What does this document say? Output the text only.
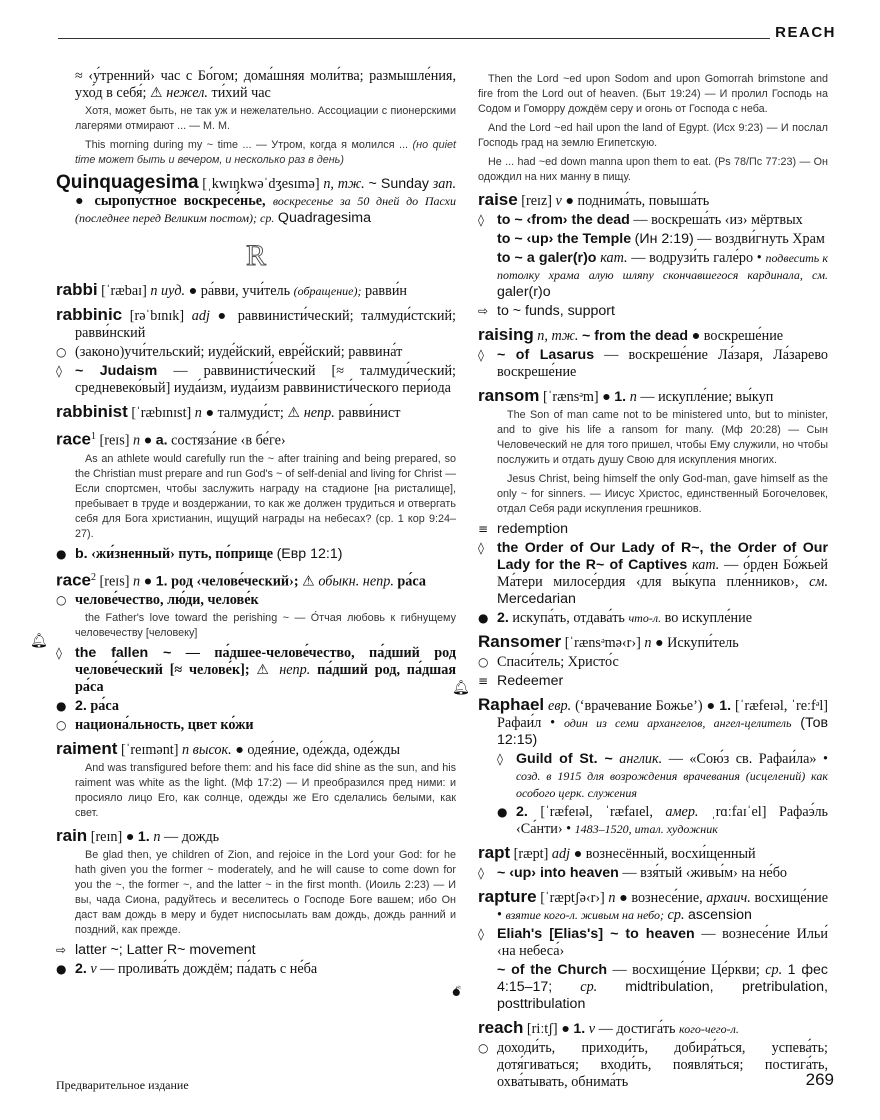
REACH

≈ ‹у́тренний› час с Бо́гом; дома́шняя моли́тва; размышле́ния, ухо́д в себя́; ⚠ нежел. ти́хий час

Хотя, может быть, не так уж и нежелательно. Ассоциации с пионерскими лагерями отмирают ... — М. М.
This morning during my ~ time ... — Утром, когда я молился ... (но quiet time может быть и вечером, и несколько раз в день)

Quinquagesima [ˌkwɪŋkwəˈdʒesɪmə] n, тж. ~ Sunday зап. ● сыропу́стное воскресе́нье, воскресенье за 50 дней до Пасхи (последнее перед Великим постом); ср. Quadragesima

R

rabbi [ˈræbaɪ] n иуд. ● ра́вви, учи́тель (обращение); равви́н

rabbinic [rəˈbɪnɪk] adj ● раввинисти́ческий; талмуди́стский; равви́нский

○ (законо)учи́тельский; иуде́йский, евре́йский; раввина́т

◊ ~ Judaism — раввинисти́ческий [≈ талмуди́ческий; средневеко́вый] иуда́изм, иуда́изм раввинисти́ческого пери́ода

rabbinist [ˈræbɪnɪst] n ● талмуди́ст; ⚠ непр. равви́нист

race$^1$ [reɪs] n ● a. состяза́ние ‹в бе́ге›

As an athlete would carefully run the ~ after training and being prepared, so the Christian must prepare and run God's ~ of self-denial and living for Christ — Если спортсмен, чтобы заслужить награду на стадионе [на ристалище], пребывает в труде и воздержании, то как же должен трудиться и отвергать себя для Бога христианин, ищущий награды на небесах? (ср. 1 кор 9:24–27).

● b. ‹жи́зненный› путь, по́прище (Евр 12:1)

race$^2$ [reɪs] n ● 1. род ‹челове́ческий›; ⚠ обыкн. непр. ра́са

○ челове́чество, лю́ди, челове́к

the Father's love toward the perishing ~ — О́тчая любовь к гибнущему человечеству [человеку]

◊ the fallen ~ — па́дшее-челове́чество, па́дший род челове́ческий [≈ челове́к]; ⚠ непр. па́дший род, па́дшая ра́са

● 2. ра́са

○ национа́льность, цвет ко́жи

raiment [ˈreɪmənt] n высок. ● одея́ние, оде́жда, оде́жды

And was transfigured before them: and his face did shine as the sun, and his raiment was white as the light. (Мф 17:2) — И преобразился пред ними: и просияло лицо Его, как солнце, одежды же Его сделались белыми, как свет.

rain [reɪn] ● 1. n — дождь

Be glad then, ye children of Zion, and rejoice in the Lord your God: for he hath given you the former ~ moderately, and he will cause to come down for you the ~, the former ~, and the latter ~ in the first month. (Иоиль 2:23) — И вы, чада Сиона, радуйтесь и веселитесь о Господе Боге вашем; ибо Он даст вам дождь в меру и будет ниспосылать вам дождь, дождь ранний и поздний, как прежде.

⇨ latter ~; Latter R~ movement

● 2. v — пролива́ть дождём; па́дать с не́ба

🔔︎
🔔︎
💣︎
Then the Lord ~ed upon Sodom and upon Gomorrah brimstone and fire from the Lord out of heaven. (Быт 19:24) — И пролил Господь на Содом и Гоморру дождём серу и огонь от Господа с неба.
And the Lord ~ed hail upon the land of Egypt. (Исх 9:23) — И послал Господь град на землю Египетскую.
He ... had ~ed down manna upon them to eat. (Ps 78/Пс 77:23) — Он одождил на них манну в пищу.

raise [reɪz] v ● поднима́ть, повыша́ть

◊ to ~ ‹from› the dead — воскреша́ть ‹из› мёртвых

to ~ ‹up› the Temple (Ин 2:19) — воздви́гнуть Храм

to ~ a galer(r)o кат. — водрузи́ть гале́ро • подвесить к потолку храма алую шляпу скончавшегося кардинала, см. galer(r)o

⇨ to ~ funds, support

raising n, тж. ~ from the dead ● воскреше́ние

◊ ~ of Lasarus — воскреше́ние Ла́заря, Ла́зарево воскреше́ние

ransom [ˈrænsᵊm] ● 1. n — искупле́ние; вы́куп

The Son of man came not to be ministered unto, but to minister, and to give his life a ransom for many. (Мф 20:28) — Сын Человеческий не для того пришел, чтобы Ему служили, но чтобы послужить и отдать душу Свою для искупления многих.
Jesus Christ, being himself the only God-man, gave himself as the only ~ for sinners. — Иисус Христос, единственный Богочеловек, отдал Себя ради искупления грешников.

≡ redemption

◊ the Order of Our Lady of R~, the Order of Our Lady for the R~ of Captives кат. — о́рден Бо́жьей Ма́тери милосе́рдия ‹для вы́купа пле́нников›, см. Mercedarian

● 2. искупа́ть, отдава́ть что-л. во искупле́ние

Ransomer [ˈrænsᵊmə‹r›] n ● Искупи́тель

○ Спаси́тель; Христо́с

≡ Redeemer

Raphael евр. (‘врачевание Божье’) ● 1. [ˈræfeɪəl, ˈreːfᵊl] Рафаи́л • один из семи архангелов, ангел-целитель (Тов 12:15)

◊ Guild of St. ~ англик. — «Сою́з св. Рафаи́ла» • созд. в 1915 для возрождения врачевания (исцелений) как особого церк. служения

● 2. [ˈræfeɪəl, ˈræfaɪel, амер. ˌrɑːfaɪˈel] Рафаэ́ль ‹Са́нти› • 1483–1520, итал. художник

rapt [ræpt] adj ● вознесённый, восхи́щенный

◊ ~ ‹up› into heaven — взя́тый ‹живы́м› на не́бо

rapture [ˈræptʃə‹r›] n ● вознесе́ние, архаич. восхище́ние • взятие кого-л. живым на небо; ср. ascension

◊ Eliah's [Elias's] ~ to heaven — вознесе́ние Ильи́ ‹на небеса́›

~ of the Church — восхище́ние Це́ркви; ср. 1 фес 4:15–17; ср. midtribulation, pretribulation, posttribulation

reach [riːtʃ] ● 1. v — достига́ть кого-чего-л.

○ доходи́ть, приходи́ть, добира́ться, успева́ть; дотя́гиваться; входи́ть, появля́ться; постига́ть, охва́тывать, обнима́ть

Предварительное издание	269
